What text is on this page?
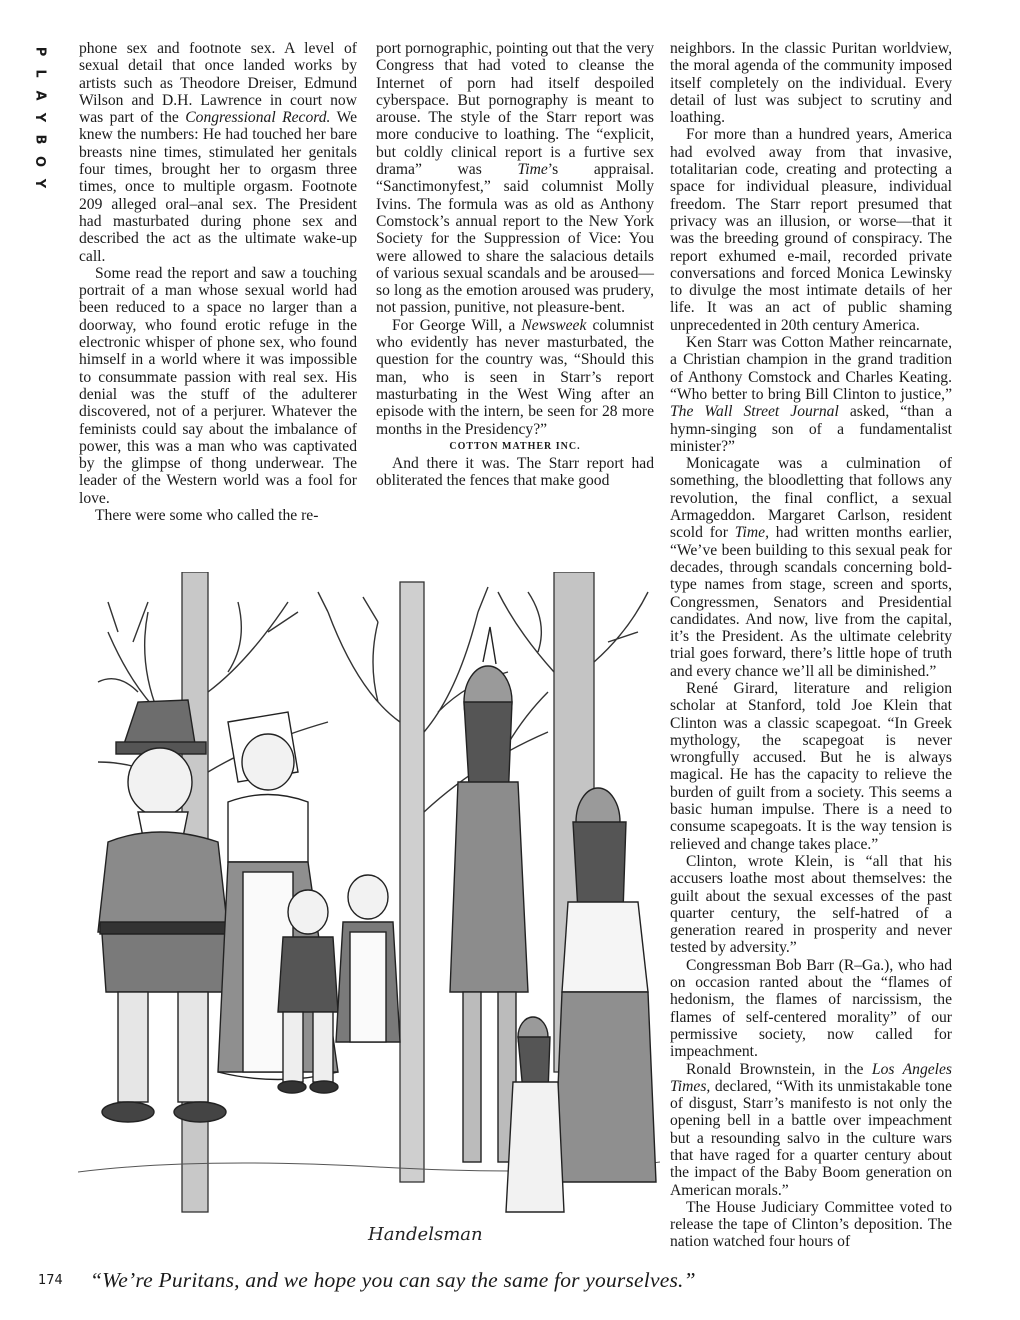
P
L
A
Y
B
O
Y

phone sex and footnote sex. A level of sexual detail that once landed works by artists such as Theodore Dreiser, Edmund Wilson and D.H. Lawrence in court now was part of the Congressional Record. We knew the numbers: He had touched her bare breasts nine times, stimulated her genitals four times, brought her to orgasm three times, once to multiple orgasm. Footnote 209 alleged oral–anal sex. The President had masturbated during phone sex and described the act as the ultimate wake-up call.

Some read the report and saw a touching portrait of a man whose sexual world had been reduced to a space no larger than a doorway, who found erotic refuge in the electronic whisper of phone sex, who found himself in a world where it was impossible to consummate passion with real sex. His denial was the stuff of the adulterer discovered, not of a perjurer. Whatever the feminists could say about the imbalance of power, this was a man who was captivated by the glimpse of thong underwear. The leader of the Western world was a fool for love.

There were some who called the re-

port pornographic, pointing out that the very Congress that had voted to cleanse the Internet of porn had itself despoiled cyberspace. But pornography is meant to arouse. The style of the Starr report was more conducive to loathing. The “explicit, but coldly clinical report is a furtive sex drama” was Time’s appraisal. “Sanctimonyfest,” said columnist Molly Ivins. The formula was as old as Anthony Comstock’s annual report to the New York Society for the Suppression of Vice: You were allowed to share the salacious details of various sexual scandals and be aroused—so long as the emotion aroused was prudery, not passion, punitive, not pleasure-bent.

For George Will, a Newsweek columnist who evidently has never masturbated, the question for the country was, “Should this man, who is seen in Starr’s report masturbating in the West Wing after an episode with the intern, be seen for 28 more months in the Presidency?”

COTTON MATHER INC.

And there it was. The Starr report had obliterated the fences that make good

neighbors. In the classic Puritan worldview, the moral agenda of the community imposed itself completely on the individual. Every detail of lust was subject to scrutiny and loathing.

For more than a hundred years, America had evolved away from that invasive, totalitarian code, creating and protecting a space for individual pleasure, individual freedom. The Starr report presumed that privacy was an illusion, or worse—that it was the breeding ground of conspiracy. The report exhumed e-mail, recorded private conversations and forced Monica Lewinsky to divulge the most intimate details of her life. It was an act of public shaming unprecedented in 20th century America.

Ken Starr was Cotton Mather reincarnate, a Christian champion in the grand tradition of Anthony Comstock and Charles Keating. “Who better to bring Bill Clinton to justice,” The Wall Street Journal asked, “than a hymn-singing son of a fundamentalist minister?”

Monicagate was a culmination of something, the bloodletting that follows any revolution, the final conflict, a sexual Armageddon. Margaret Carlson, resident scold for Time, had written months earlier, “We’ve been building to this sexual peak for decades, through scandals concerning bold-type names from stage, screen and sports, Congressmen, Senators and Presidential candidates. And now, live from the capital, it’s the President. As the ultimate celebrity trial goes forward, there’s little hope of truth and every chance we’ll all be diminished.”

René Girard, literature and religion scholar at Stanford, told Joe Klein that Clinton was a classic scapegoat. “In Greek mythology, the scapegoat is never wrongfully accused. But he is always magical. He has the capacity to relieve the burden of guilt from a society. This seems a basic human impulse. There is a need to consume scapegoats. It is the way tension is relieved and change takes place.”

Clinton, wrote Klein, is “all that his accusers loathe most about themselves: the guilt about the sexual excesses of the past quarter century, the self-hatred of a generation reared in prosperity and never tested by adversity.”

Congressman Bob Barr (R–Ga.), who had on occasion ranted about the “flames of hedonism, the flames of narcissism, the flames of self-centered morality” of our permissive society, now called for impeachment.

Ronald Brownstein, in the Los Angeles Times, declared, “With its unmistakable tone of disgust, Starr’s manifesto is not only the opening bell in a battle over impeachment but a resounding salvo in the culture wars that have raged for a quarter century about the impact of the Baby Boom generation on American morals.”

The House Judiciary Committee voted to release the tape of Clinton’s deposition. The nation watched four hours of

Handelsman
174 “We’re Puritans, and we hope you can say the same for yourselves.”
